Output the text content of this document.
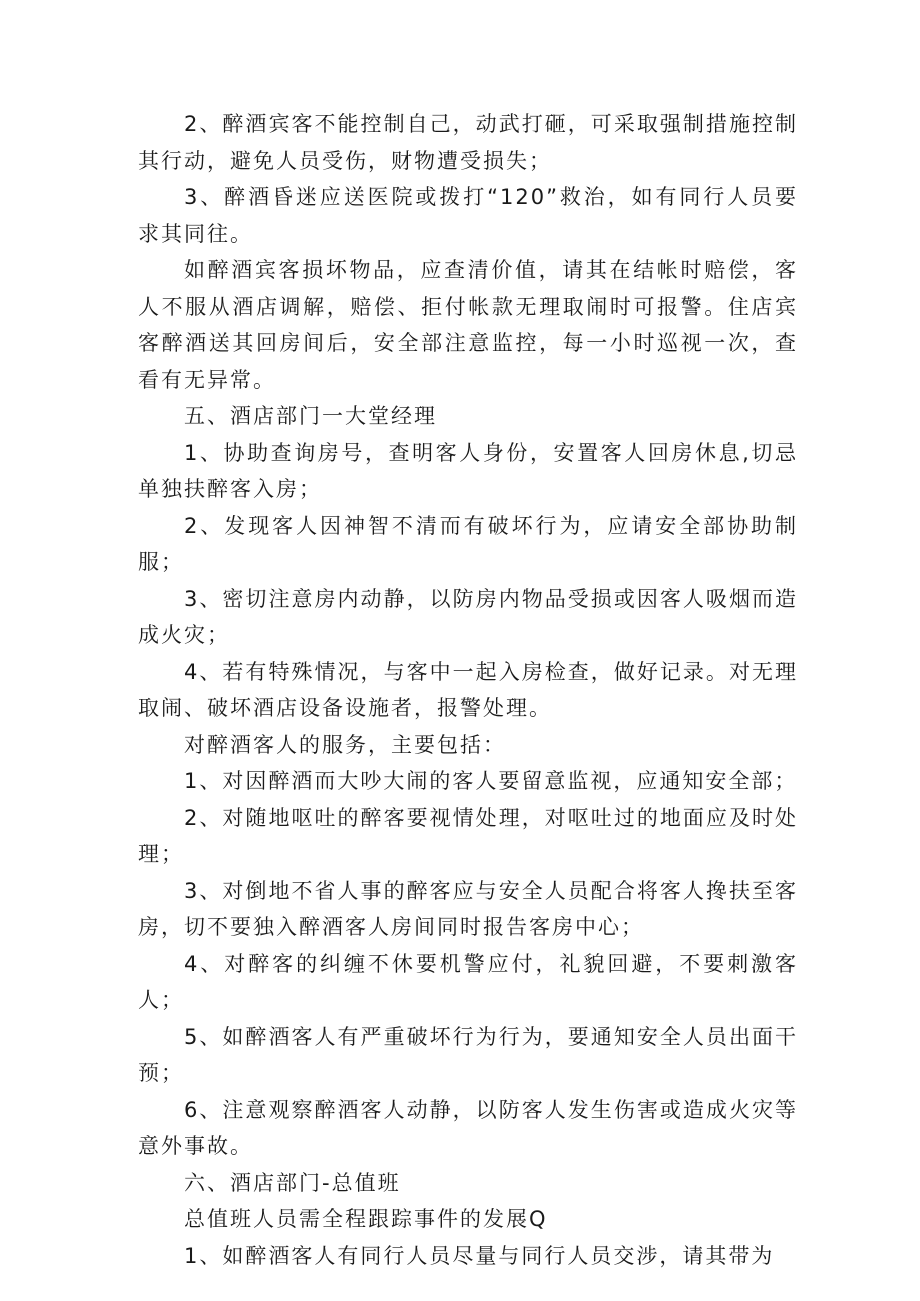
2、醉酒宾客不能控制自己，动武打砸，可采取强制措施控制其行动，避免人员受伤，财物遭受损失；

3、醉酒昏迷应送医院或拨打“120”救治，如有同行人员要求其同往。

如醉酒宾客损坏物品，应查清价值，请其在结帐时赔偿，客人不服从酒店调解，赔偿、拒付帐款无理取闹时可报警。住店宾客醉酒送其回房间后，安全部注意监控，每一小时巡视一次，查看有无异常。

五、酒店部门一大堂经理

1、协助查询房号，查明客人身份，安置客人回房休息,切忌单独扶醉客入房；

2、发现客人因神智不清而有破坏行为，应请安全部协助制服；

3、密切注意房内动静，以防房内物品受损或因客人吸烟而造成火灾；

4、若有特殊情况，与客中一起入房检查，做好记录。对无理取闹、破坏酒店设备设施者，报警处理。

对醉酒客人的服务，主要包括：

1、对因醉酒而大吵大闹的客人要留意监视，应通知安全部；

2、对随地呕吐的醉客要视情处理，对呕吐过的地面应及时处理；

3、对倒地不省人事的醉客应与安全人员配合将客人搀扶至客房，切不要独入醉酒客人房间同时报告客房中心；

4、对醉客的纠缠不休要机警应付，礼貌回避，不要刺激客人；

5、如醉酒客人有严重破坏行为行为，要通知安全人员出面干预；

6、注意观察醉酒客人动静，以防客人发生伤害或造成火灾等意外事故。

六、酒店部门-总值班

总值班人员需全程跟踪事件的发展Q

1、如醉酒客人有同行人员尽量与同行人员交涉，请其带为
